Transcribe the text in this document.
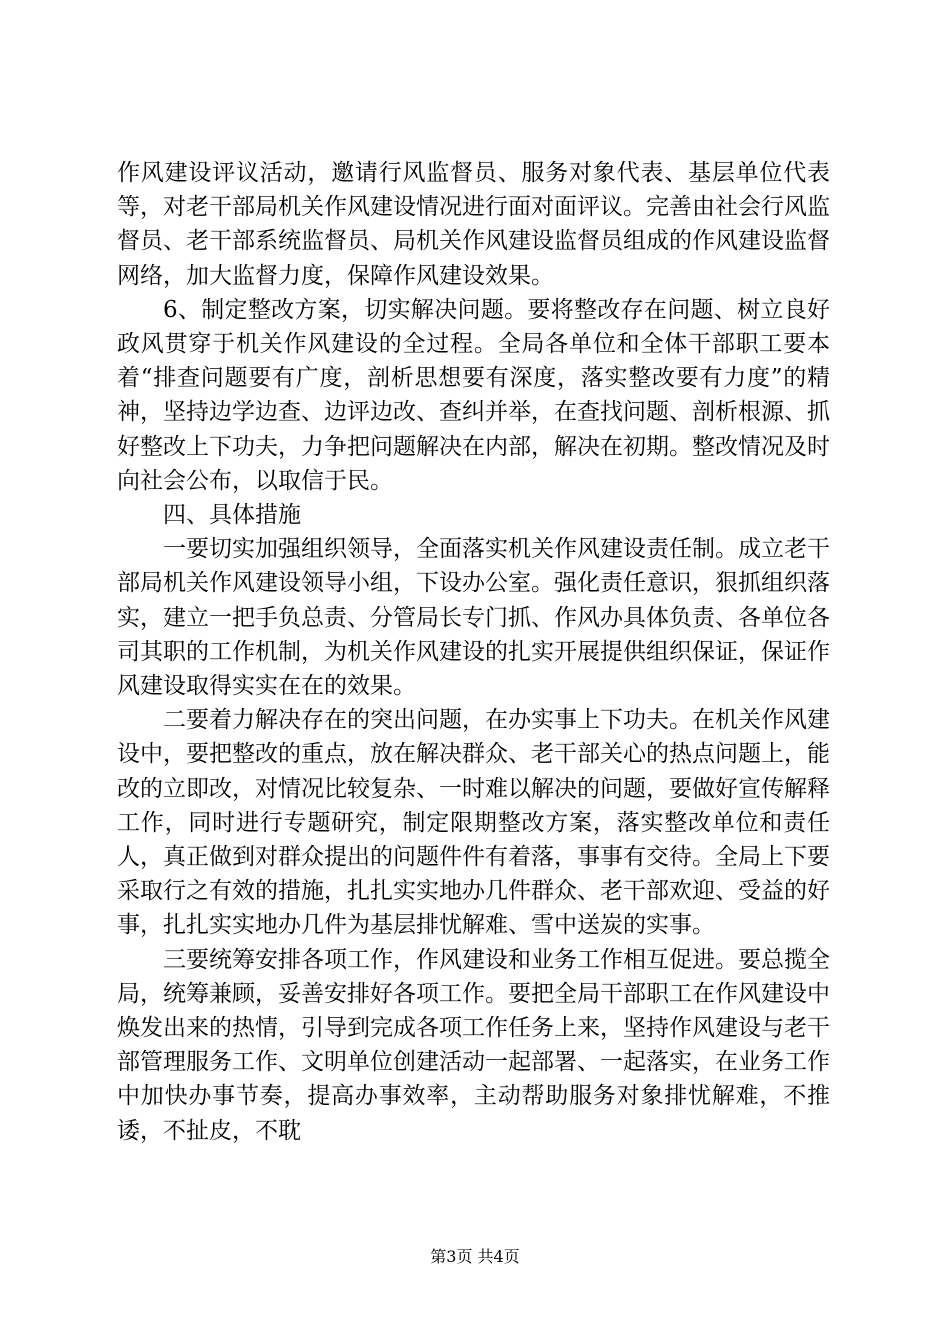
作风建设评议活动，邀请行风监督员、服务对象代表、基层单位代表等，对老干部局机关作风建设情况进行面对面评议。完善由社会行风监督员、老干部系统监督员、局机关作风建设监督员组成的作风建设监督网络，加大监督力度，保障作风建设效果。

6、制定整改方案，切实解决问题。要将整改存在问题、树立良好政风贯穿于机关作风建设的全过程。全局各单位和全体干部职工要本着“排查问题要有广度，剖析思想要有深度，落实整改要有力度”的精神，坚持边学边查、边评边改、查纠并举，在查找问题、剖析根源、抓好整改上下功夫，力争把问题解决在内部，解决在初期。整改情况及时向社会公布，以取信于民。

四、具体措施

一要切实加强组织领导，全面落实机关作风建设责任制。成立老干部局机关作风建设领导小组，下设办公室。强化责任意识，狠抓组织落实，建立一把手负总责、分管局长专门抓、作风办具体负责、各单位各司其职的工作机制，为机关作风建设的扎实开展提供组织保证，保证作风建设取得实实在在的效果。

二要着力解决存在的突出问题，在办实事上下功夫。在机关作风建设中，要把整改的重点，放在解决群众、老干部关心的热点问题上，能改的立即改，对情况比较复杂、一时难以解决的问题，要做好宣传解释工作，同时进行专题研究，制定限期整改方案，落实整改单位和责任人，真正做到对群众提出的问题件件有着落，事事有交待。全局上下要采取行之有效的措施，扎扎实实地办几件群众、老干部欢迎、受益的好事，扎扎实实地办几件为基层排忧解难、雪中送炭的实事。

三要统筹安排各项工作，作风建设和业务工作相互促进。要总揽全局，统筹兼顾，妥善安排好各项工作。要把全局干部职工在作风建设中焕发出来的热情，引导到完成各项工作任务上来，坚持作风建设与老干部管理服务工作、文明单位创建活动一起部署、一起落实，在业务工作中加快办事节奏，提高办事效率，主动帮助服务对象排忧解难，不推诿，不扯皮，不耽

第3页 共4页
